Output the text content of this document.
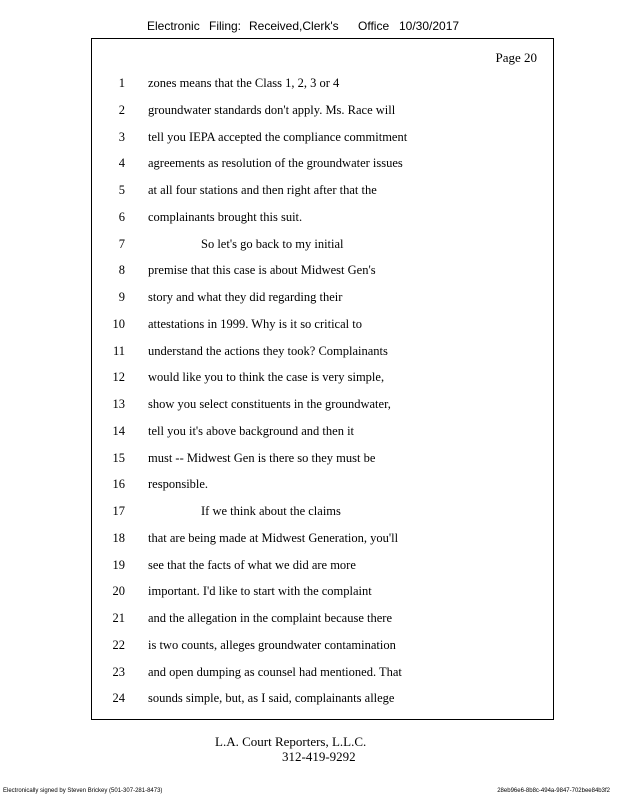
Electronic Filing: Received,Clerk's Office 10/30/2017
Page 20
1 zones means that the Class 1, 2, 3 or 4
2 groundwater standards don't apply. Ms. Race will
3 tell you IEPA accepted the compliance commitment
4 agreements as resolution of the groundwater issues
5 at all four stations and then right after that the
6 complainants brought this suit.
7	So let's go back to my initial
8 premise that this case is about Midwest Gen's
9 story and what they did regarding their
10 attestations in 1999. Why is it so critical to
11 understand the actions they took? Complainants
12 would like you to think the case is very simple,
13 show you select constituents in the groundwater,
14 tell you it's above background and then it
15 must -- Midwest Gen is there so they must be
16 responsible.
17	If we think about the claims
18 that are being made at Midwest Generation, you'll
19 see that the facts of what we did are more
20 important. I'd like to start with the complaint
21 and the allegation in the complaint because there
22 is two counts, alleges groundwater contamination
23 and open dumping as counsel had mentioned. That
24 sounds simple, but, as I said, complainants allege
L.A. Court Reporters, L.L.C.
312-419-9292
Electronically signed by Steven Brickey (501-307-281-8473)	28eb96e6-8b8c-494a-9847-702bee84b3f2
